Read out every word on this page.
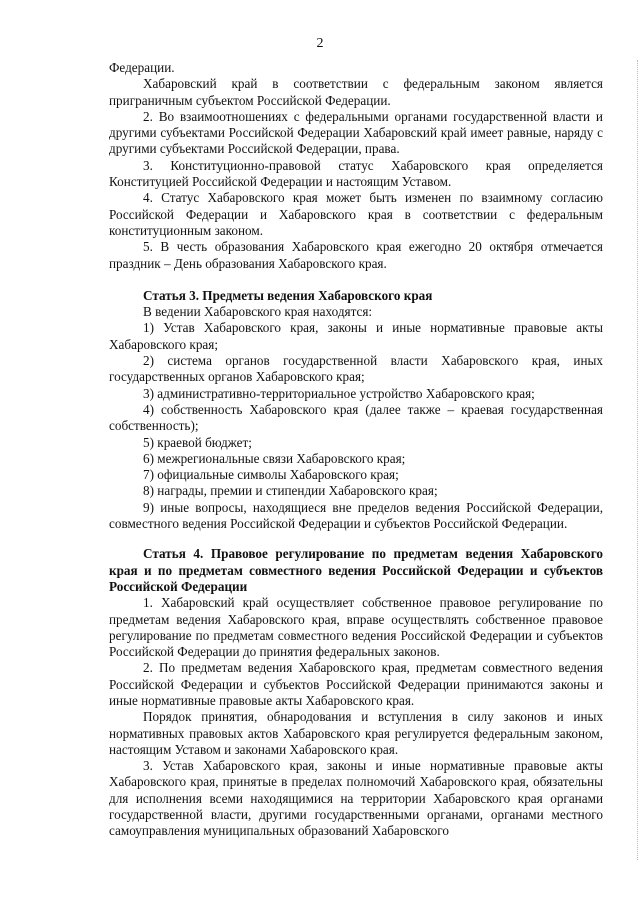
2

Федерации.

Хабаровский край в соответствии с федеральным законом является приграничным субъектом Российской Федерации.

2. Во взаимоотношениях с федеральными органами государственной власти и другими субъектами Российской Федерации Хабаровский край имеет равные, наряду с другими субъектами Российской Федерации, права.

3. Конституционно-правовой статус Хабаровского края определяется Конституцией Российской Федерации и настоящим Уставом.

4. Статус Хабаровского края может быть изменен по взаимному согласию Российской Федерации и Хабаровского края в соответствии с федеральным конституционным законом.

5. В честь образования Хабаровского края ежегодно 20 октября отмечается праздник – День образования Хабаровского края.

Статья 3. Предметы ведения Хабаровского края

В ведении Хабаровского края находятся:

1) Устав Хабаровского края, законы и иные нормативные правовые акты Хабаровского края;

2) система органов государственной власти Хабаровского края, иных государственных органов Хабаровского края;

3) административно-территориальное устройство Хабаровского края;

4) собственность Хабаровского края (далее также – краевая государственная собственность);

5) краевой бюджет;

6) межрегиональные связи Хабаровского края;

7) официальные символы Хабаровского края;

8) награды, премии и стипендии Хабаровского края;

9) иные вопросы, находящиеся вне пределов ведения Российской Федерации, совместного ведения Российской Федерации и субъектов Российской Федерации.

Статья 4. Правовое регулирование по предметам ведения Хабаровского края и по предметам совместного ведения Российской Федерации и субъектов Российской Федерации

1. Хабаровский край осуществляет собственное правовое регулирование по предметам ведения Хабаровского края, вправе осуществлять собственное правовое регулирование по предметам совместного ведения Российской Федерации и субъектов Российской Федерации до принятия федеральных законов.

2. По предметам ведения Хабаровского края, предметам совместного ведения Российской Федерации и субъектов Российской Федерации принимаются законы и иные нормативные правовые акты Хабаровского края.

Порядок принятия, обнародования и вступления в силу законов и иных нормативных правовых актов Хабаровского края регулируется федеральным законом, настоящим Уставом и законами Хабаровского края.

3. Устав Хабаровского края, законы и иные нормативные правовые акты Хабаровского края, принятые в пределах полномочий Хабаровского края, обязательны для исполнения всеми находящимися на территории Хабаровского края органами государственной власти, другими государственными органами, органами местного самоуправления муниципальных образований Хабаровского
